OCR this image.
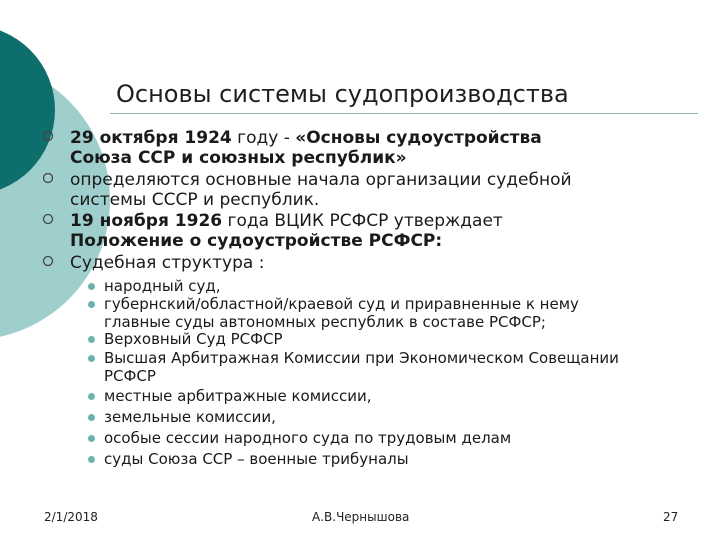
Основы системы судопроизводства
29 октября 1924 году - «Основы судоустройства
Союза ССР и союзных республик»
определяются основные начала организации судебной
системы СССР и республик.
19 ноября 1926 года ВЦИК РСФСР утверждает
Положение о судоустройстве РСФСР:
Судебная структура :
народный суд,
губернский/областной/краевой суд и приравненные к нему
главные суды автономных республик в составе РСФСР;
Верховный Суд РСФСР
Высшая Арбитражная Комиссии при Экономическом Совещании
РСФСР
местные арбитражные комиссии,
земельные комиссии,
особые сессии народного суда по трудовым делам
суды Союза ССР – военные трибуналы
2/1/2018	А.В.Чернышова	27
